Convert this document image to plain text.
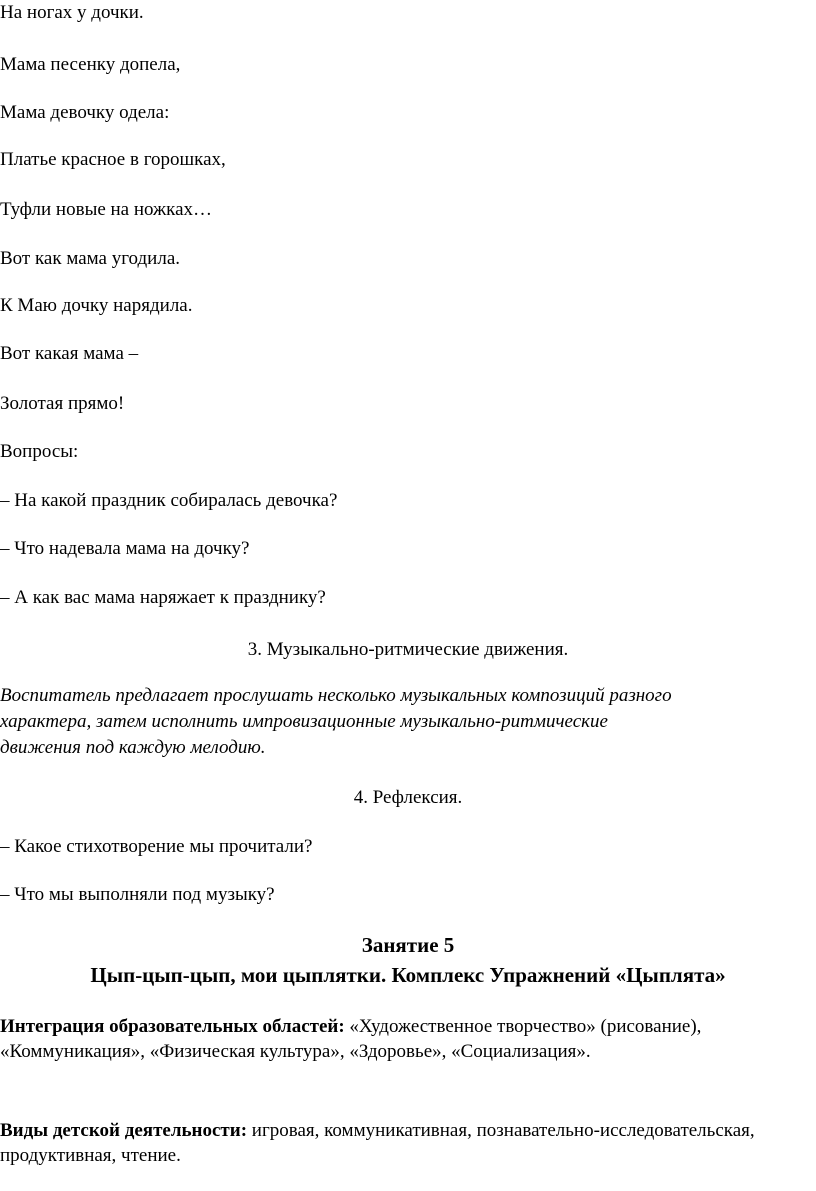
На ногах у дочки.
Мама песенку допела,
Мама девочку одела:
Платье красное в горошках,
Туфли новые на ножках…
Вот как мама угодила.
К Маю дочку нарядила.
Вот какая мама –
Золотая прямо!
Вопросы:
– На какой праздник собиралась девочка?
– Что надевала мама на дочку?
– А как вас мама наряжает к празднику?
3. Музыкально-ритмические движения.
Воспитатель предлагает прослушать несколько музыкальных композиций разного
характера, затем исполнить импровизационные музыкально-ритмические
движения под каждую мелодию.
4. Рефлексия.
– Какое стихотворение мы прочитали?
– Что мы выполняли под музыку?
Занятие 5
Цып-цып-цып, мои цыплятки. Комплекс Упражнений «Цыплята»
Интеграция образовательных областей: «Художественное творчество» (рисование), «Коммуникация», «Физическая культура», «Здоровье», «Социализация».
Виды детской деятельности: игровая, коммуникативная, познавательно-исследовательская, продуктивная, чтение.
